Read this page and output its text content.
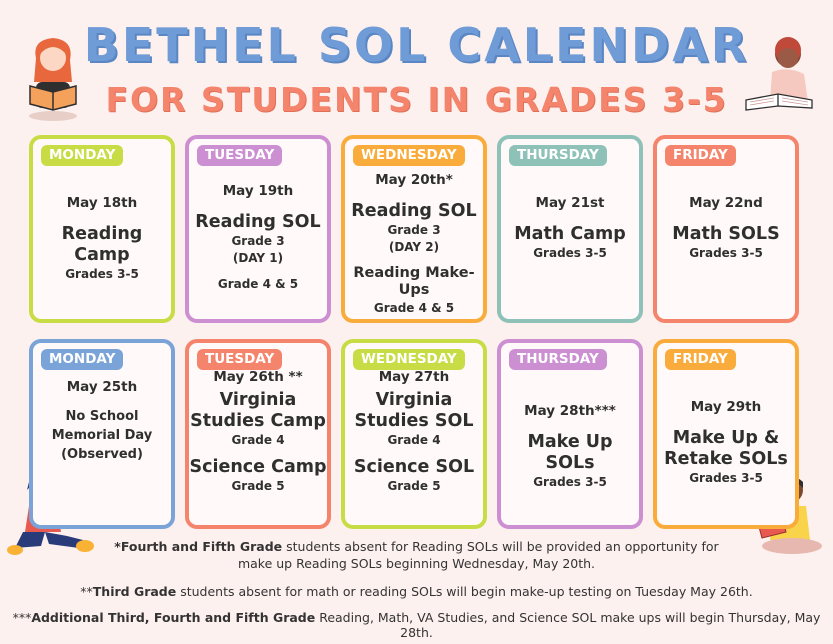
BETHEL SOL CALENDAR
FOR STUDENTS IN GRADES 3-5
MONDAY
May 18th
Reading Camp
Grades 3-5
TUESDAY
May 19th
Reading SOL
Grade 3
(DAY 1)
Grade 4 & 5
WEDNESDAY
May 20th*
Reading SOL
Grade 3
(DAY 2)
Reading Make-Ups
Grade 4 & 5
THURSDAY
May 21st
Math Camp
Grades 3-5
FRIDAY
May 22nd
Math SOLS
Grades 3-5
MONDAY
May 25th
No School
Memorial Day
(Observed)
TUESDAY
May 26th **
Virginia
Studies Camp
Grade 4
Science Camp
Grade 5
WEDNESDAY
May 27th
Virginia
Studies SOL
Grade 4
Science SOL
Grade 5
THURSDAY
May 28th***
Make Up SOLs
Grades 3-5
FRIDAY
May 29th
Make Up &
Retake SOLs
Grades 3-5
*Fourth and Fifth Grade students absent for Reading SOLs will be provided an opportunity for
make up Reading SOLs beginning Wednesday, May 20th.
**Third Grade students absent for math or reading SOLs will begin make-up testing on Tuesday May 26th.
***Additional Third, Fourth and Fifth Grade Reading, Math, VA Studies, and Science SOL make ups will begin Thursday, May 28th.
